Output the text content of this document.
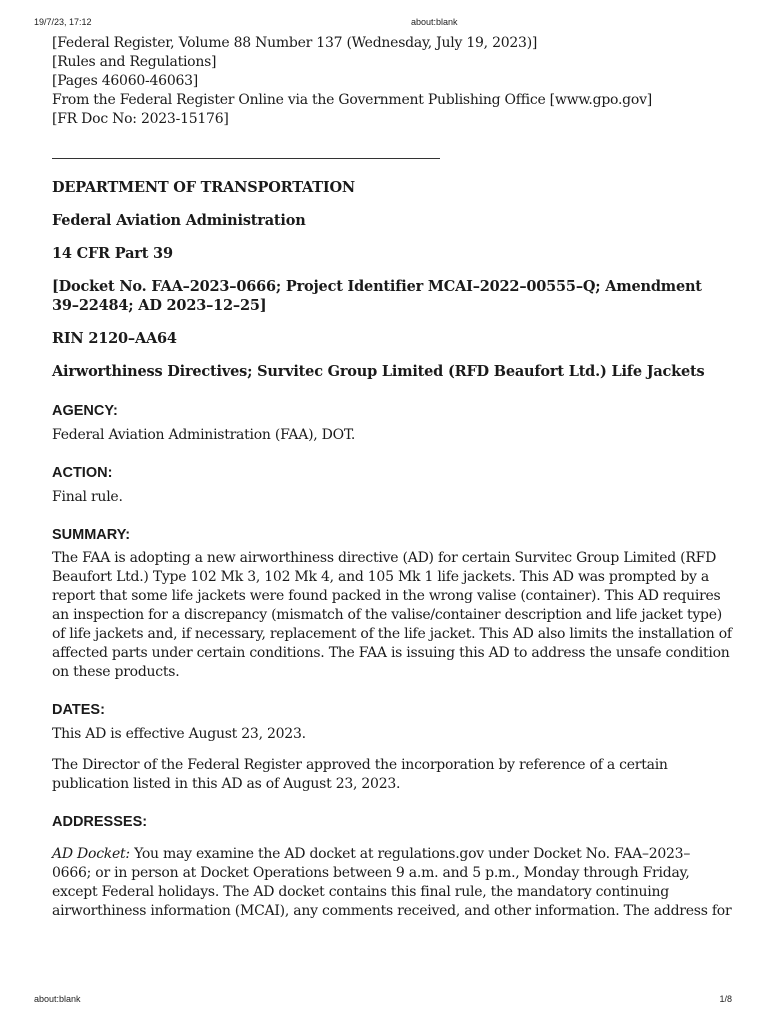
19/7/23, 17:12	about:blank
[Federal Register, Volume 88 Number 137 (Wednesday, July 19, 2023)]
[Rules and Regulations]
[Pages 46060-46063]
From the Federal Register Online via the Government Publishing Office [www.gpo.gov]
[FR Doc No: 2023-15176]

DEPARTMENT OF TRANSPORTATION

Federal Aviation Administration

14 CFR Part 39

[Docket No. FAA–2023–0666; Project Identifier MCAI–2022–00555–Q; Amendment
39–22484; AD 2023–12–25]

RIN 2120–AA64

Airworthiness Directives; Survitec Group Limited (RFD Beaufort Ltd.) Life Jackets

AGENCY:

Federal Aviation Administration (FAA), DOT.

ACTION:

Final rule.

SUMMARY:

The FAA is adopting a new airworthiness directive (AD) for certain Survitec Group Limited (RFD
Beaufort Ltd.) Type 102 Mk 3, 102 Mk 4, and 105 Mk 1 life jackets. This AD was prompted by a
report that some life jackets were found packed in the wrong valise (container). This AD requires
an inspection for a discrepancy (mismatch of the valise/container description and life jacket type)
of life jackets and, if necessary, replacement of the life jacket. This AD also limits the installation of
affected parts under certain conditions. The FAA is issuing this AD to address the unsafe condition
on these products.

DATES:

This AD is effective August 23, 2023.

The Director of the Federal Register approved the incorporation by reference of a certain
publication listed in this AD as of August 23, 2023.

ADDRESSES:

AD Docket: You may examine the AD docket at regulations.gov under Docket No. FAA–2023–
0666; or in person at Docket Operations between 9 a.m. and 5 p.m., Monday through Friday,
except Federal holidays. The AD docket contains this final rule, the mandatory continuing
airworthiness information (MCAI), any comments received, and other information. The address for
about:blank	1/8
